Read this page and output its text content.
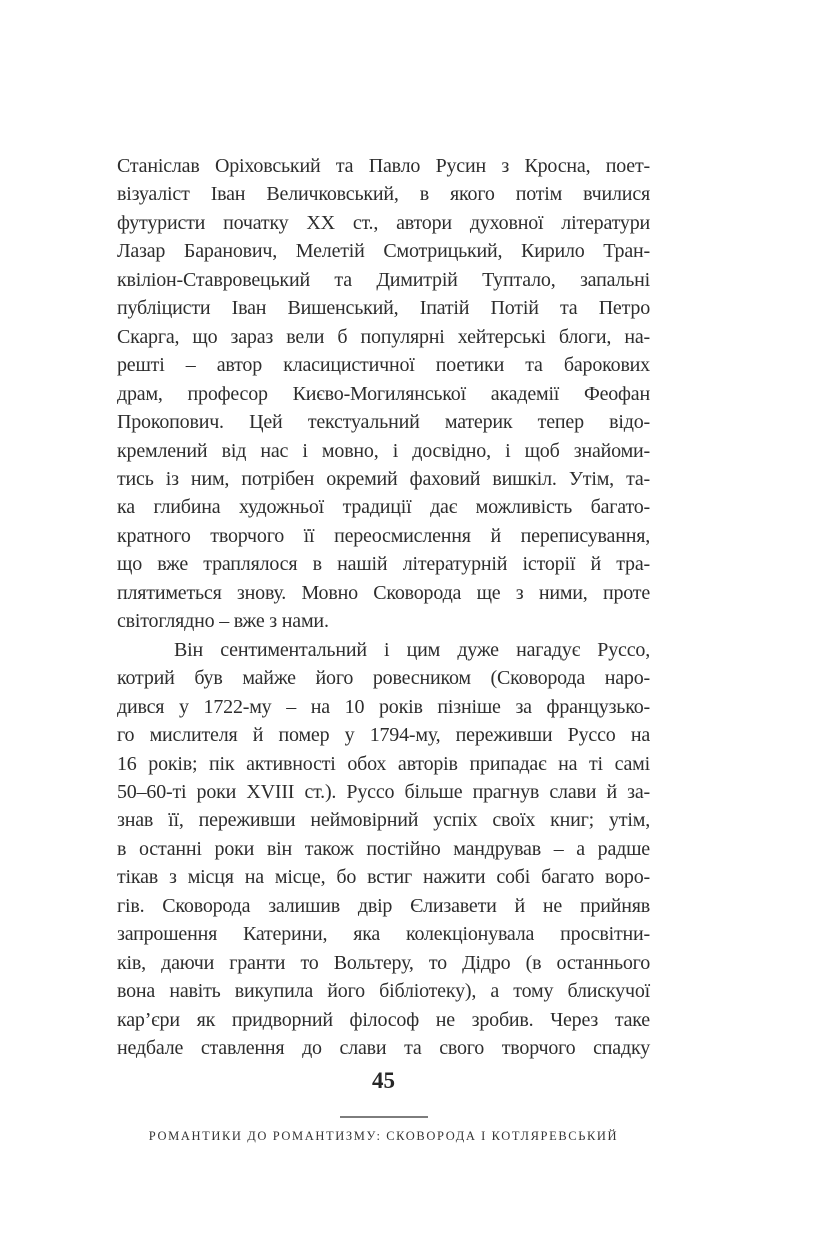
Станіслав Оріховський та Павло Русин з Кросна, поет-
візуаліст Іван Величковський, в якого потім вчилися
футуристи початку XX ст., автори духовної літератури
Лазар Баранович, Мелетій Смотрицький, Кирило Тран-
квіліон-Ставровецький та Димитрій Туптало, запальні
публіцисти Іван Вишенський, Іпатій Потій та Петро
Скарга, що зараз вели б популярні хейтерські блоги, на-
решті – автор класицистичної поетики та барокових
драм, професор Києво-Могилянської академії Феофан
Прокопович. Цей текстуальний материк тепер відо-
кремлений від нас і мовно, і досвідно, і щоб знайоми-
тись із ним, потрібен окремий фаховий вишкіл. Утім, та-
ка глибина художньої традиції дає можливість багато-
кратного творчого її переосмислення й переписування,
що вже траплялося в нашій літературній історії й тра-
плятиметься знову. Мовно Сковорода ще з ними, проте
світоглядно – вже з нами.
Він сентиментальний і цим дуже нагадує Руссо,
котрий був майже його ровесником (Сковорода наро-
дився у 1722-му – на 10 років пізніше за французько-
го мислителя й помер у 1794-му, переживши Руссо на
16 років; пік активності обох авторів припадає на ті самі
50–60-ті роки XVIII ст.). Руссо більше прагнув слави й за-
знав її, переживши неймовірний успіх своїх книг; утім,
в останні роки він також постійно мандрував – а радше
тікав з місця на місце, бо встиг нажити собі багато воро-
гів. Сковорода залишив двір Єлизавети й не прийняв
запрошення Катерини, яка колекціонувала просвітни-
ків, даючи гранти то Вольтеру, то Дідро (в останнього
вона навіть викупила його бібліотеку), а тому блискучої
кар’єри як придворний філософ не зробив. Через таке
недбале ставлення до слави та свого творчого спадку
45
РОМАНТИКИ ДО РОМАНТИЗМУ: СКОВОРОДА І КОТЛЯРЕВСЬКИЙ
